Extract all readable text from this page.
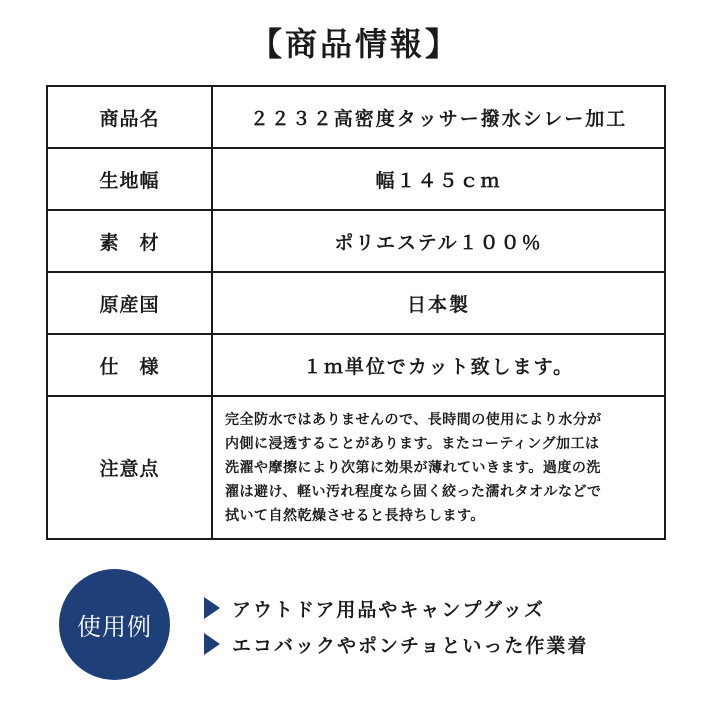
【商品情報】
商品名	２２３２高密度タッサー撥水シレー加工
生地幅	幅１４５ｃｍ
素　材	ポリエステル１００％
原産国	日本製
仕　様	１ｍ単位でカット致します。
注意点	完全防水ではありませんので、長時間の使用により水分が
内側に浸透することがあります。またコーティング加工は
洗濯や摩擦により次第に効果が薄れていきます。過度の洗
濯は避け、軽い汚れ程度なら固く絞った濡れタオルなどで
拭いて自然乾燥させると長持ちします。
使用例
アウトドア用品やキャンプグッズ
エコバックやポンチョといった作業着
